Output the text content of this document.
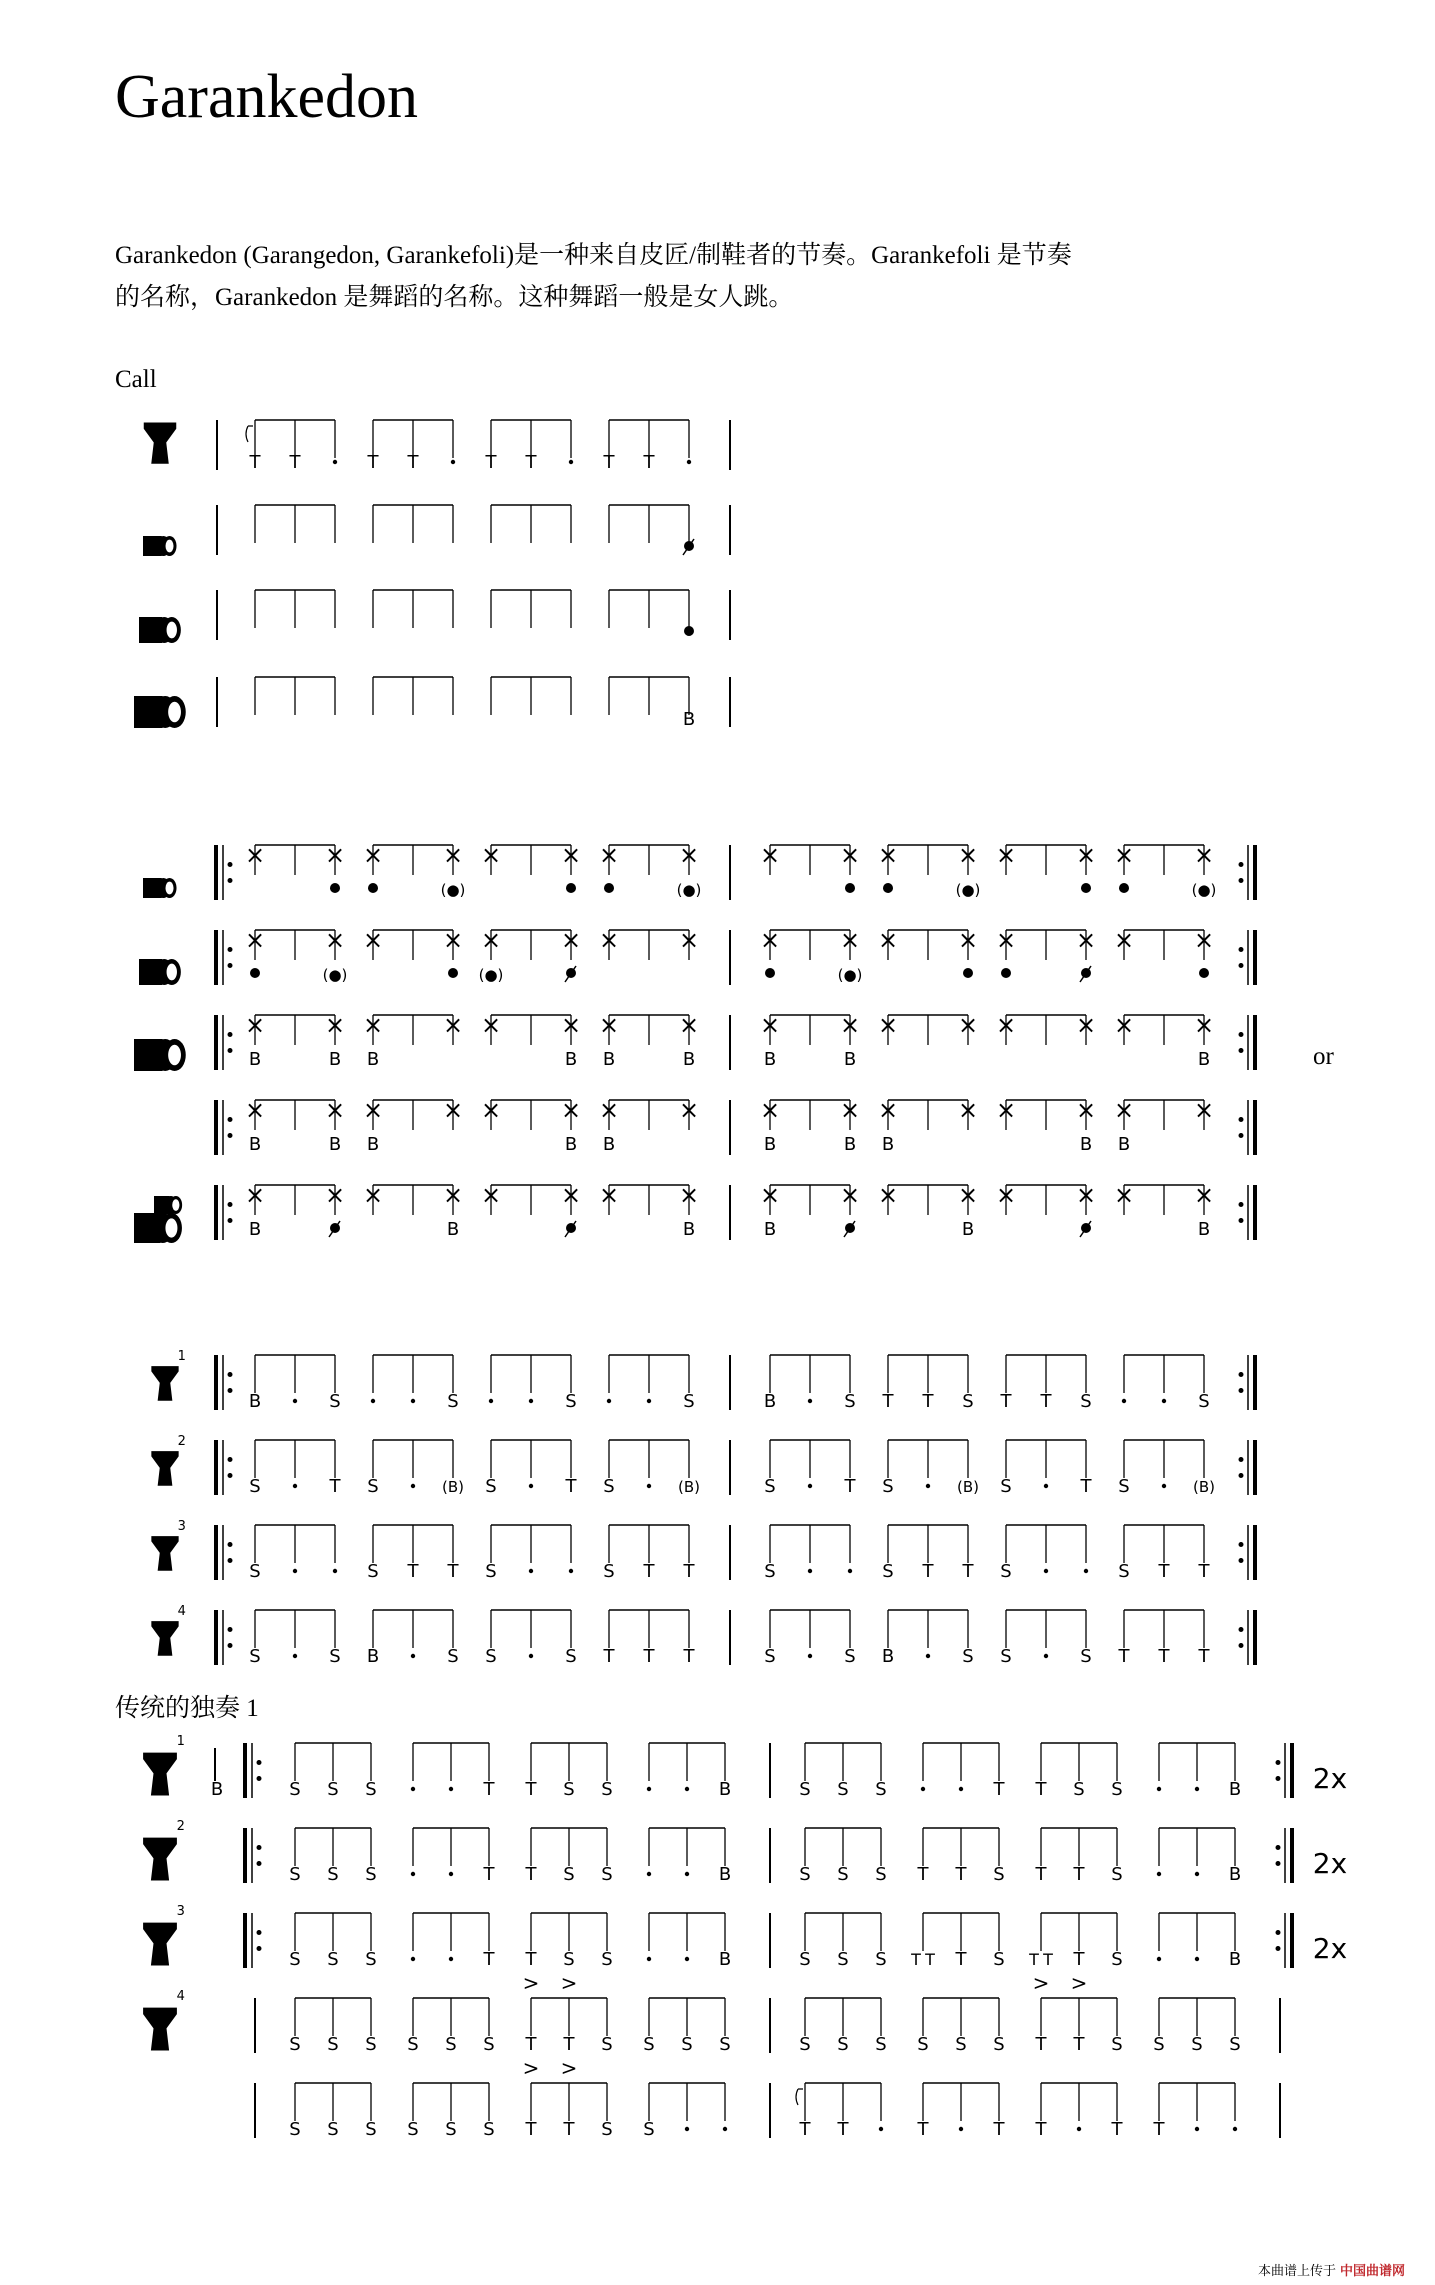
Garankedon

Garankedon (Garangedon, Garankefoli)是一种来自皮匠/制鞋者的节奏。Garankefoli 是节奏

的名称，Garankedon 是舞蹈的名称。这种舞蹈一般是女人跳。

Call
or
传统的独奏 1
本曲谱上传于 中国曲谱网
T T	T T	T T	T T
B
(●)	(●)	(●)	(●)
× × × × × × × ×	× × × × × × × ×
(●)	(●)	(●)
× × × × × × × ×	× × × × × × × ×
B	B B	B B	B	B	B	B
× × × × × × × ×	× × × × × × × ×
B	B B	B B	B	B B	B B
× × × × × × × ×	× × × × × × × ×
B	B	B	B	B	B
× × × × × × × ×	× × × × × × × ×
1
B	S	S	S	S	B	S T T S T T S	S
2
S	T S	(B) S	T S	(B)	S	T S	(B) S	T S	(B)
3
S	S T T S	S T T	S	S T T S	S T T
4
S	S B	S S	S T T T	S	S B	S S	S T T T
1
2x
B	S S S	T T S S	B	S S S	T T S S	B
2
2x
S S S	T T S S	B	S S S T T S T T S	B
3
2x
S S S	T T S S	B	S S S T T T S T T T S	B
4
S S S S S S T T S S S S	S S S S S S T T S S S S
> >	> >
S S S S S S T T S S	T T	T	T T	T T
> >
